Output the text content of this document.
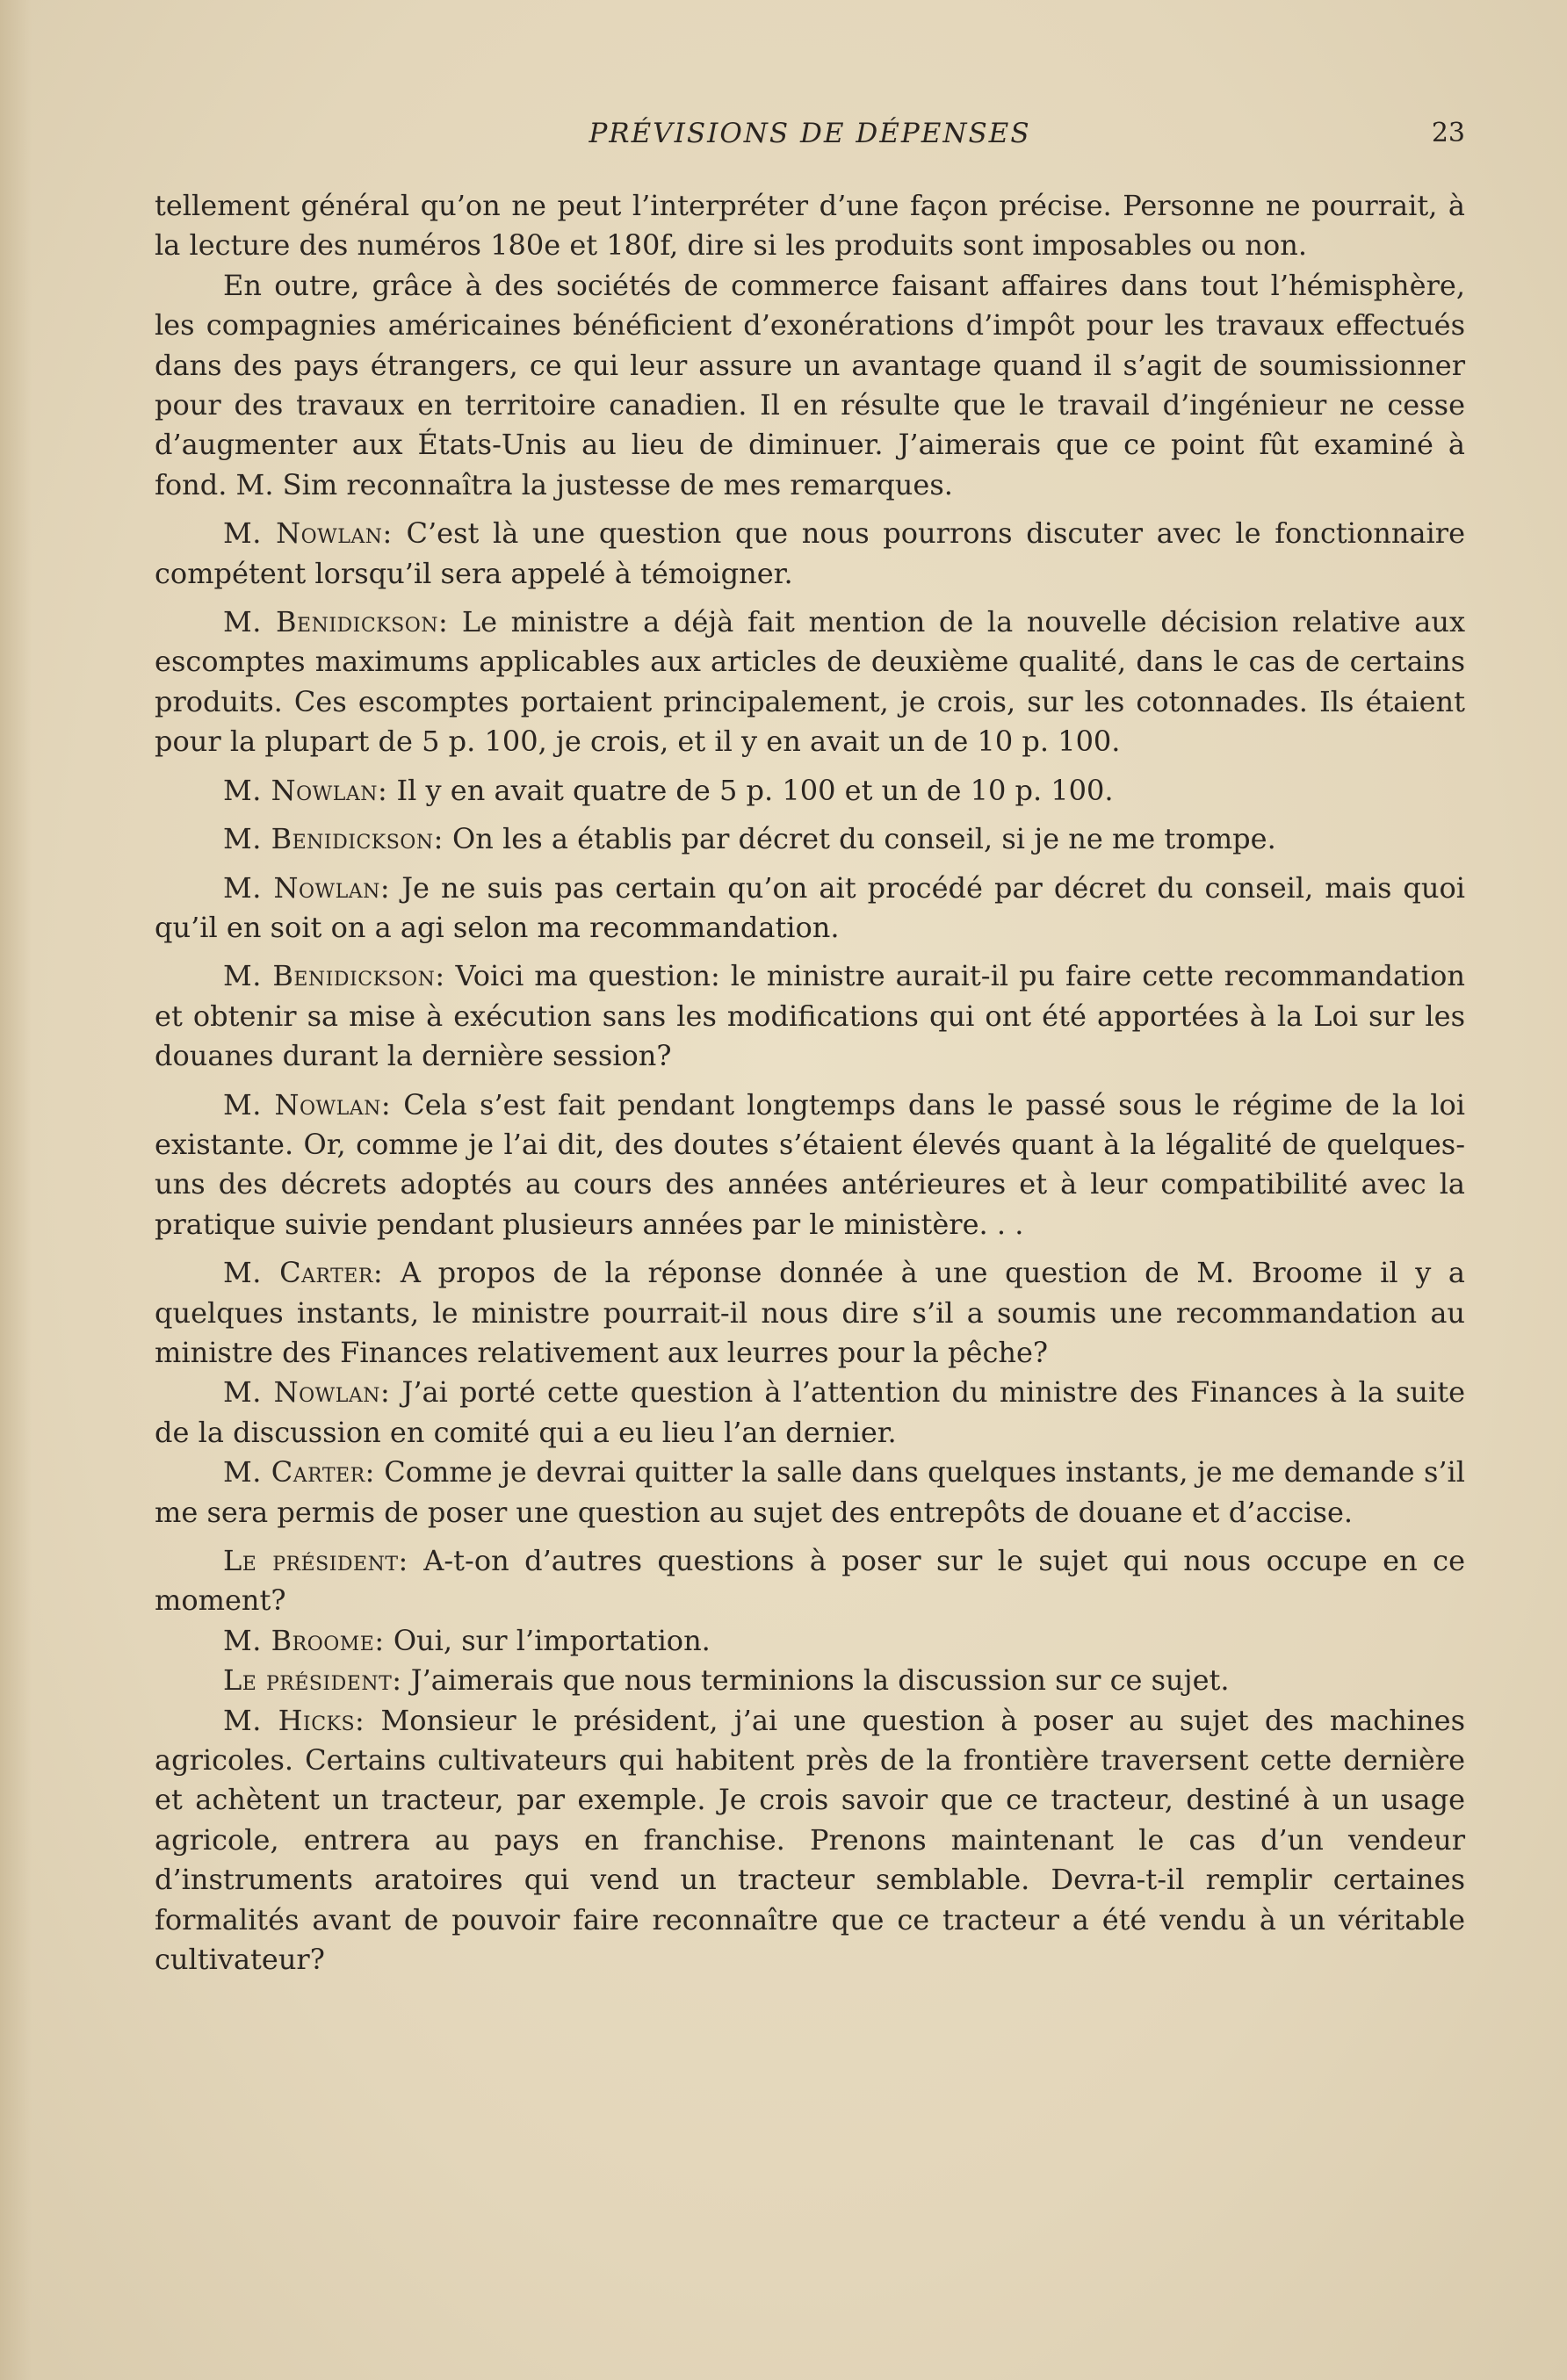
PRÉVISIONS DE DÉPENSES	23

tellement général qu’on ne peut l’interpréter d’une façon précise. Personne ne pourrait, à la lecture des numéros 180e et 180f, dire si les produits sont imposables ou non.

En outre, grâce à des sociétés de commerce faisant affaires dans tout l’hémisphère, les compagnies américaines bénéficient d’exonérations d’impôt pour les travaux effectués dans des pays étrangers, ce qui leur assure un avantage quand il s’agit de soumissionner pour des travaux en territoire canadien. Il en résulte que le travail d’ingénieur ne cesse d’augmenter aux États-Unis au lieu de diminuer. J’aimerais que ce point fût examiné à fond. M. Sim reconnaîtra la justesse de mes remarques.

M. Nowlan: C’est là une question que nous pourrons discuter avec le fonctionnaire compétent lorsqu’il sera appelé à témoigner.

M. Benidickson: Le ministre a déjà fait mention de la nouvelle décision relative aux escomptes maximums applicables aux articles de deuxième qualité, dans le cas de certains produits. Ces escomptes portaient principalement, je crois, sur les cotonnades. Ils étaient pour la plupart de 5 p. 100, je crois, et il y en avait un de 10 p. 100.

M. Nowlan: Il y en avait quatre de 5 p. 100 et un de 10 p. 100.

M. Benidickson: On les a établis par décret du conseil, si je ne me trompe.

M. Nowlan: Je ne suis pas certain qu’on ait procédé par décret du conseil, mais quoi qu’il en soit on a agi selon ma recommandation.

M. Benidickson: Voici ma question: le ministre aurait-il pu faire cette recommandation et obtenir sa mise à exécution sans les modifications qui ont été apportées à la Loi sur les douanes durant la dernière session?

M. Nowlan: Cela s’est fait pendant longtemps dans le passé sous le régime de la loi existante. Or, comme je l’ai dit, des doutes s’étaient élevés quant à la légalité de quelques-uns des décrets adoptés au cours des années antérieures et à leur compatibilité avec la pratique suivie pendant plusieurs années par le ministère. . .

M. Carter: A propos de la réponse donnée à une question de M. Broome il y a quelques instants, le ministre pourrait-il nous dire s’il a soumis une recommandation au ministre des Finances relativement aux leurres pour la pêche?

M. Nowlan: J’ai porté cette question à l’attention du ministre des Finances à la suite de la discussion en comité qui a eu lieu l’an dernier.

M. Carter: Comme je devrai quitter la salle dans quelques instants, je me demande s’il me sera permis de poser une question au sujet des entrepôts de douane et d’accise.

Le président: A-t-on d’autres questions à poser sur le sujet qui nous occupe en ce moment?

M. Broome: Oui, sur l’importation.

Le président: J’aimerais que nous terminions la discussion sur ce sujet.

M. Hicks: Monsieur le président, j’ai une question à poser au sujet des machines agricoles. Certains cultivateurs qui habitent près de la frontière traversent cette dernière et achètent un tracteur, par exemple. Je crois savoir que ce tracteur, destiné à un usage agricole, entrera au pays en franchise. Prenons maintenant le cas d’un vendeur d’instruments aratoires qui vend un tracteur semblable. Devra-t-il remplir certaines formalités avant de pouvoir faire reconnaître que ce tracteur a été vendu à un véritable cultivateur?
